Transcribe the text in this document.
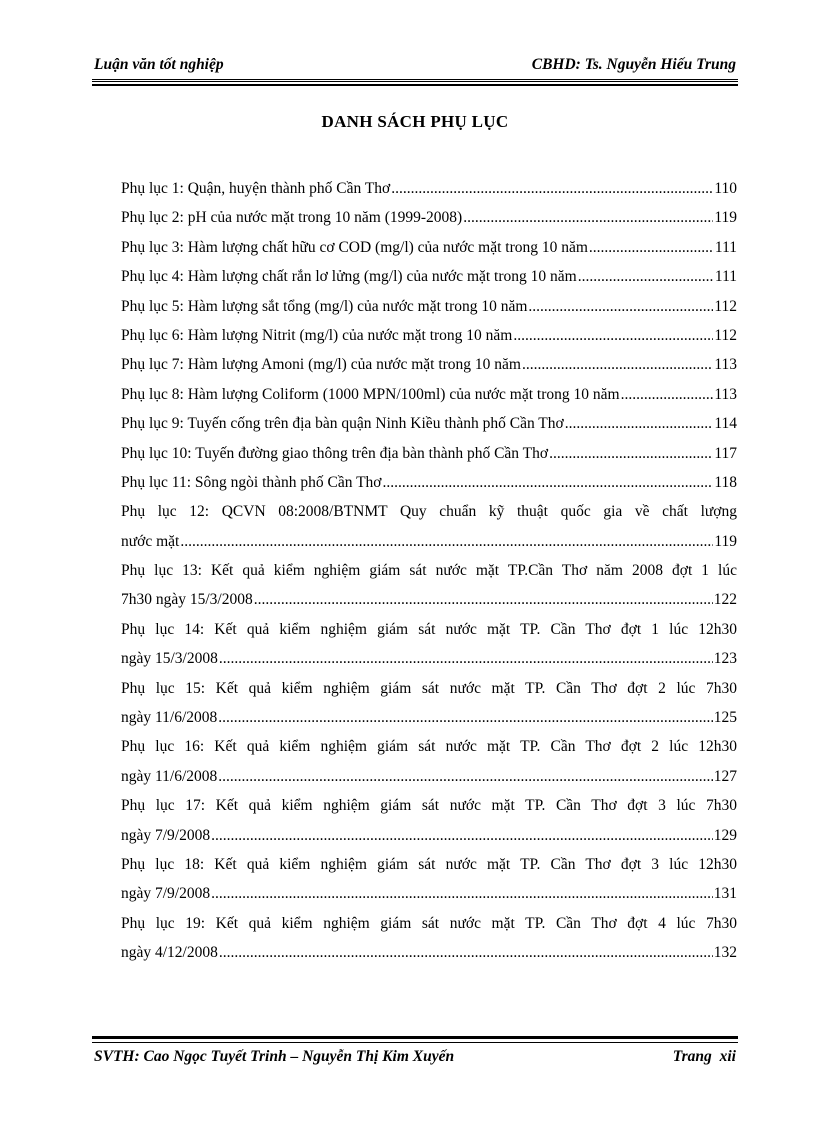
Luận văn tốt nghiệp	CBHD: Ts. Nguyễn Hiếu Trung
DANH SÁCH PHỤ LỤC
Phụ lục 1: Quận, huyện thành phố Cần Thơ .....	110
Phụ lục 2: pH của nước mặt trong 10 năm (1999-2008) .....	119
Phụ lục 3: Hàm lượng chất hữu cơ COD (mg/l) của nước mặt trong 10 năm .....	111
Phụ lục 4: Hàm lượng chất rắn lơ lửng (mg/l) của nước mặt trong 10 năm .....	111
Phụ lục 5: Hàm lượng sắt tổng (mg/l) của nước mặt trong 10 năm .....	112
Phụ lục 6: Hàm lượng Nitrit (mg/l) của nước mặt trong 10 năm .....	112
Phụ lục 7: Hàm lượng Amoni (mg/l) của nước mặt trong 10 năm .....	113
Phụ lục 8: Hàm lượng Coliform (1000 MPN/100ml) của nước mặt trong 10 năm .....	113
Phụ lục 9: Tuyến cống trên địa bàn quận Ninh Kiều thành phố Cần Thơ .....	114
Phụ lục 10: Tuyến đường giao thông trên địa bàn thành phố Cần Thơ .....	117
Phụ lục 11: Sông ngòi thành phố Cần Thơ .....	118
Phụ lục 12: QCVN 08:2008/BTNMT Quy chuẩn kỹ thuật quốc gia về chất lượng
nước mặt .....	119
Phụ lục 13: Kết quả kiểm nghiệm giám sát nước mặt TP.Cần Thơ năm 2008 đợt 1 lúc
7h30 ngày 15/3/2008 .....	122
Phụ lục 14: Kết quả kiểm nghiệm giám sát nước mặt TP. Cần Thơ đợt 1 lúc 12h30
ngày 15/3/2008 .....	123
Phụ lục 15: Kết quả kiểm nghiệm giám sát nước mặt TP. Cần Thơ đợt 2 lúc 7h30
ngày 11/6/2008 .....	125
Phụ lục 16: Kết quả kiểm nghiệm giám sát nước mặt TP. Cần Thơ đợt 2 lúc 12h30
ngày 11/6/2008 .....	127
Phụ lục 17: Kết quả kiểm nghiệm giám sát nước mặt TP. Cần Thơ đợt 3 lúc 7h30
ngày 7/9/2008 .....	129
Phụ lục 18: Kết quả kiểm nghiệm giám sát nước mặt TP. Cần Thơ đợt 3 lúc 12h30
ngày 7/9/2008 .....	131
Phụ lục 19: Kết quả kiểm nghiệm giám sát nước mặt TP. Cần Thơ đợt 4 lúc 7h30
ngày 4/12/2008 .....	132
SVTH: Cao Ngọc Tuyết Trinh – Nguyễn Thị Kim Xuyến	Trang xii
